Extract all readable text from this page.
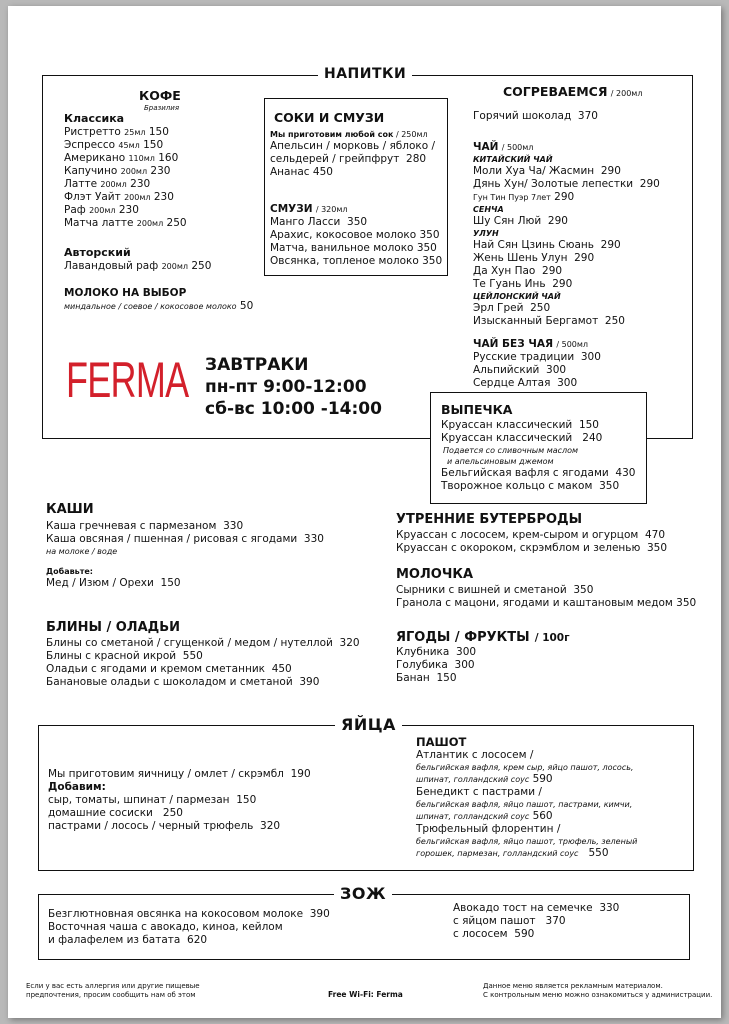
НАПИТКИ
КОФЕ
Бразилия
Классика
Ристретто 25мл 150
Эспрессо 45мл 150
Американо 110мл 160
Капучино 200мл 230
Латте 200мл 230
Флэт Уайт 200мл 230
Раф 200мл 230
Матча латте 200мл 250
Авторский
Лавандовый раф 200мл 250
МОЛОКО НА ВЫБОР
миндальное / соевое / кокосовое молоко 50
СОКИ И СМУЗИ
Мы приготовим любой сок / 250мл
Апельсин / морковь / яблоко /
сельдерей / грейпфрут 280
Ананас 450
СМУЗИ / 320мл
Манго Ласси 350
Арахис, кокосовое молоко 350
Матча, ванильное молоко 350
Овсянка, топленое молоко 350
СОГРЕВАЕМСЯ / 200мл
Горячий шоколад 370
ЧАЙ / 500мл
КИТАЙСКИЙ ЧАЙ
Моли Хуа Ча/ Жасмин 290
Дянь Хун/ Золотые лепестки 290
Гун Тин Пуэр 7лет 290
СЕНЧА
Шу Сян Люй 290
УЛУН
Най Сян Цзинь Сюань 290
Жень Шень Улун 290
Да Хун Пао 290
Те Гуань Инь 290
ЦЕЙЛОНСКИЙ ЧАЙ
Эрл Грей 250
Изысканный Бергамот 250
ЧАЙ БЕЗ ЧАЯ / 500мл
Русские традиции 300
Альпийский 300
Сердце Алтая 300
FERMA ЗАВТРАКИ
пн-пт 9:00-12:00
сб-вс 10:00 -14:00	ВЫПЕЧКА
Круассан классический 150
Круассан классический 240
Подается со сливочным маслом
и апельсиновым джемом
Бельгийская вафля с ягодами 430
Творожное кольцо с маком 350
КАШИ
Каша гречневая с пармезаном 330
Каша овсяная / пшенная / рисовая с ягодами 330
на молоке / воде
Добавьте:
Мед / Изюм / Орехи 150
БЛИНЫ / ОЛАДЬИ
Блины со сметаной / сгущенкой / медом / нутеллой 320
Блины с красной икрой 550
Оладьи с ягодами и кремом сметанник 450
Банановые оладьи с шоколадом и сметаной 390
УТРЕННИЕ БУТЕРБРОДЫ
Круассан с лососем, крем-сыром и огурцом 470
Круассан с окороком, скрэмблом и зеленью 350
МОЛОЧКА
Сырники с вишней и сметаной 350
Гранола с мацони, ягодами и каштановым медом 350
ЯГОДЫ / ФРУКТЫ / 100г
Клубника 300
Голубика 300
Банан 150
ЯЙЦА
Мы приготовим яичницу / омлет / скрэмбл 190
Добавим:
сыр, томаты, шпинат / пармезан 150
домашние сосиски 250
пастрами / лосось / черный трюфель 320
ПАШОТ
Атлантик с лососем /
бельгийская вафля, крем сыр, яйцо пашот, лосось,
шпинат, голландский соус 590
Бенедикт с пастрами /
бельгийская вафля, яйцо пашот, пастрами, кимчи,
шпинат, голландский соус 560
Трюфельный флорентин /
бельгийская вафля, яйцо пашот, трюфель, зеленый
горошек, пармезан, голландский соус 550
ЗОЖ
Безглютновная овсянка на кокосовом молоке 390
Восточная чаша с авокадо, киноа, кейлом
и фалафелем из батата 620
Авокадо тост на семечке 330
с яйцом пашот 370
с лососем 590
Если у вас есть аллергия или другие пищевые
предпочтения, просим сообщить нам об этом	Free Wi-Fi: Ferma
Данное меню является рекламным материалом.
С контрольным меню можно ознакомиться у администрации.
